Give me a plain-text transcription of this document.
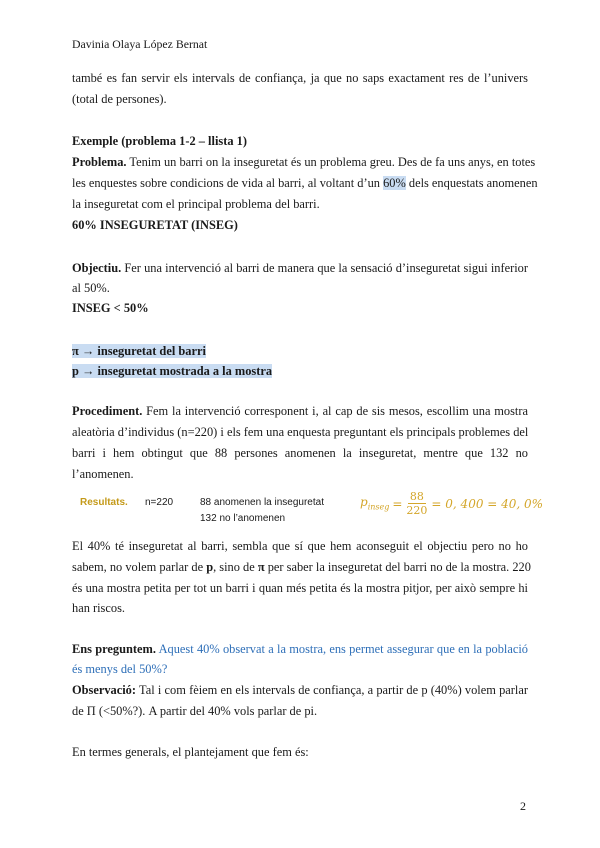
Davinia Olaya López Bernat
també es fan servir els intervals de confiança, ja que no saps exactament res de l’univers
(total de persones).
Exemple (problema 1-2 – llista 1)
Problema. Tenim un barri on la inseguretat és un problema greu. Des de fa uns anys, en totes
les enquestes sobre condicions de vida al barri, al voltant d’un 60% dels enquestats anomenen
la inseguretat com el principal problema del barri.
60% INSEGURETAT (INSEG)
Objectiu. Fer una intervenció al barri de manera que la sensació d’inseguretat sigui inferior
al 50%.
INSEG < 50%
π → inseguretat del barri
p → inseguretat mostrada a la mostra
Procediment. Fem la intervenció corresponent i, al cap de sis mesos, escollim una mostra
aleatòria d’individus (n=220) i els fem una enquesta preguntant els principals problemes del
barri i hem obtingut que 88 persones anomenen la inseguretat, mentre que 132 no
l’anomenen.
Resultats. n=220	88 anomenen la inseguretat
132 no l’anomenen
$p_{inseg} = \frac{88}{220} = 0$, 400 = 40, 0%
El 40% té inseguretat al barri, sembla que sí que hem aconseguit el objectiu pero no ho
sabem, no volem parlar de p, sino de π per saber la inseguretat del barri no de la mostra. 220
és una mostra petita per tot un barri i quan més petita és la mostra pitjor, per això sempre hi
han riscos.
Ens preguntem. Aquest 40% observat a la mostra, ens permet assegurar que en la població
és menys del 50%?
Observació: Tal i com fèiem en els intervals de confiança, a partir de p (40%) volem parlar
de Π (<50%?). A partir del 40% vols parlar de pi.
En termes generals, el plantejament que fem és:
2
